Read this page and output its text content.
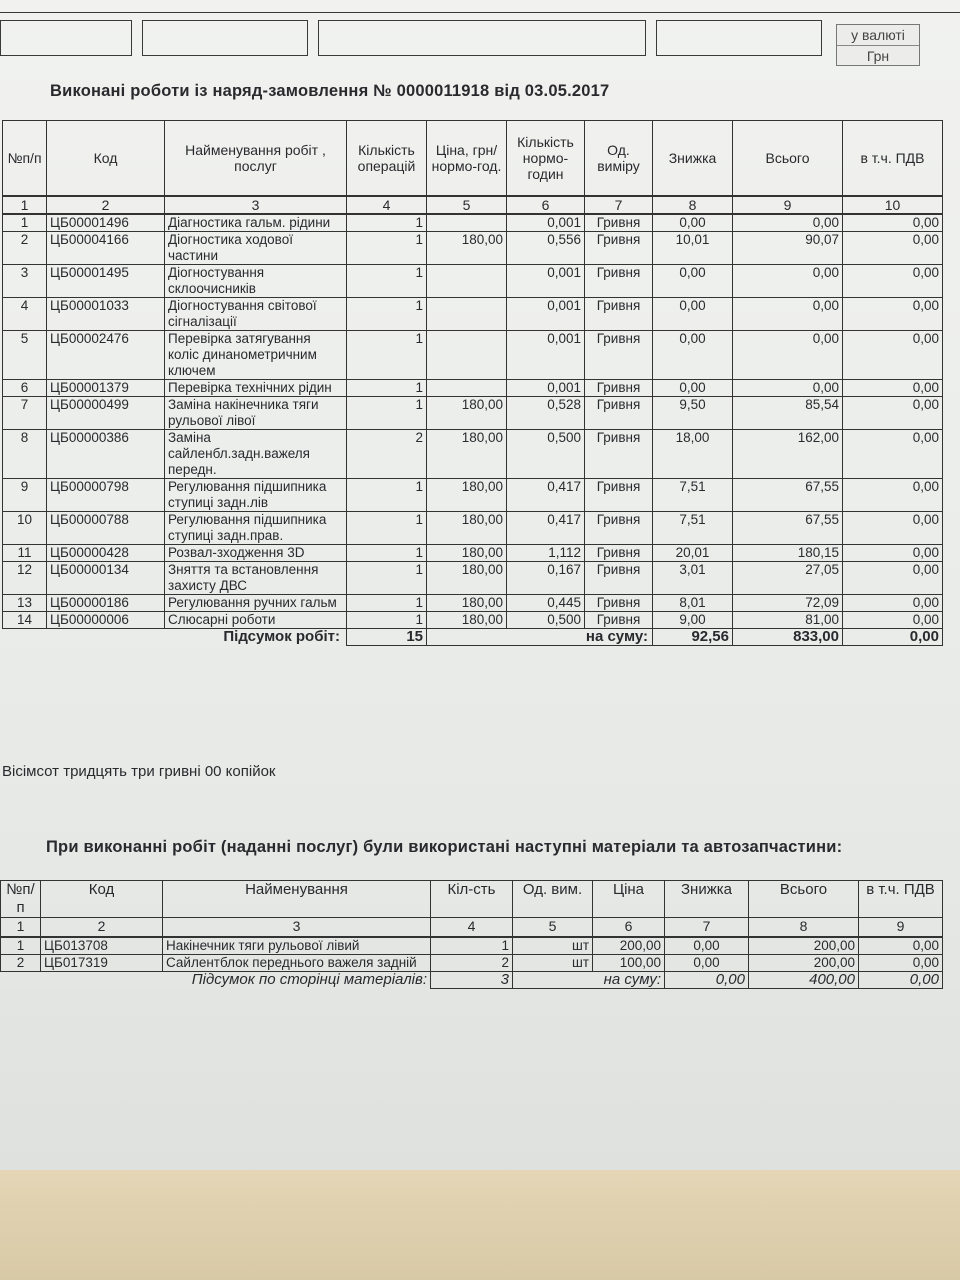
у валюті
Грн
Виконані роботи із наряд-замовлення № 0000011918 від 03.05.2017
№п/п	Код	Найменування робіт , послуг	Кількість операцій	Ціна, грн/нормо-год.	Кількість нормо-годин	Од. виміру	Знижка	Всього	в т.ч. ПДВ
1	2	3	4	5	6	7	8	9	10
1	ЦБ00001496	Діагностика гальм. рідини	1		0,001	Гривня	0,00	0,00	0,00
2	ЦБ00004166	Діогностика ходової частини	1	180,00	0,556	Гривня	10,01	90,07	0,00
3	ЦБ00001495	Діогностування склоочисників	1		0,001	Гривня	0,00	0,00	0,00
4	ЦБ00001033	Діогностування світової сігналізації	1		0,001	Гривня	0,00	0,00	0,00
5	ЦБ00002476	Перевірка затягування коліс динанометричним ключем	1		0,001	Гривня	0,00	0,00	0,00
6	ЦБ00001379	Перевірка технічних рідин	1		0,001	Гривня	0,00	0,00	0,00
7	ЦБ00000499	Заміна накінечника тяги рульової лівої	1	180,00	0,528	Гривня	9,50	85,54	0,00
8	ЦБ00000386	Заміна сайленбл.задн.важеля передн.	2	180,00	0,500	Гривня	18,00	162,00	0,00
9	ЦБ00000798	Регулювання підшипника ступиці задн.лів	1	180,00	0,417	Гривня	7,51	67,55	0,00
10	ЦБ00000788	Регулювання підшипника ступиці задн.прав.	1	180,00	0,417	Гривня	7,51	67,55	0,00
11	ЦБ00000428	Розвал-зходження 3D	1	180,00	1,112	Гривня	20,01	180,15	0,00
12	ЦБ00000134	Зняття та встановлення захисту ДВС	1	180,00	0,167	Гривня	3,01	27,05	0,00
13	ЦБ00000186	Регулювання ручних гальм	1	180,00	0,445	Гривня	8,01	72,09	0,00
14	ЦБ00000006	Слюсарні роботи	1	180,00	0,500	Гривня	9,00	81,00	0,00
Підсумок робіт:			15	на суму:			92,56	833,00	0,00
Вісімсот тридцять три гривні 00 копійок
При виконанні робіт (наданні послуг) були використані наступні матеріали та автозапчастини:
№п/п	Код	Найменування	Кіл-сть	Од. вим.	Ціна	Знижка	Всього	в т.ч. ПДВ
1	2	3	4	5	6	7	8	9
1	ЦБ013708	Накінечник тяги рульової лівий	1	шт	200,00	0,00	200,00	0,00
2	ЦБ017319	Сайлентблок переднього важеля задній	2	шт	100,00	0,00	200,00	0,00
Підсумок по сторінці матеріалів:			3	на суму:		0,00	400,00	0,00
